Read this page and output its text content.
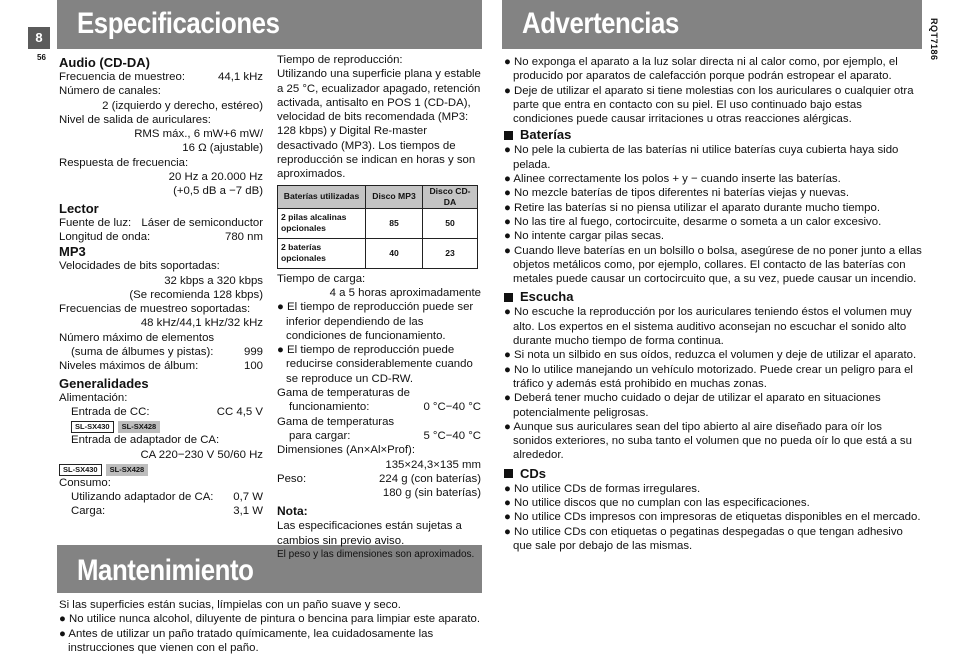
8
56	RQT7186
Especificaciones	Advertencias
Mantenimiento
Audio (CD-DA)
Frecuencia de muestreo:	44,1 kHz
Número de canales:
2 (izquierdo y derecho, estéreo)
Nivel de salida de auriculares:
RMS máx., 6 mW+6 mW/
16 Ω (ajustable)
Respuesta de frecuencia:
20 Hz a 20.000 Hz
(+0,5 dB a −7 dB)
Lector
Fuente de luz: Láser de semiconductor
Longitud de onda:	780 nm
MP3
Velocidades de bits soportadas:
32 kbps a 320 kbps
(Se recomienda 128 kbps)
Frecuencias de muestreo soportadas:
48 kHz/44,1 kHz/32 kHz
Número máximo de elementos
(suma de álbumes y pistas):	999
Niveles máximos de álbum:	100
Generalidades
Alimentación:
Entrada de CC:	CC 4,5 V
SL-SX430 SL-SX428
Entrada de adaptador de CA:
CA 220−230 V 50/60 Hz
SL-SX430 SL-SX428
Consumo:
Utilizando adaptador de CA: 0,7 W
Carga:	3,1 W
Tiempo de reproducción:
Utilizando una superficie plana y estable
a 25 °C, ecualizador apagado, retención
activada, antisalto en POS 1 (CD-DA),
velocidad de bits recomendada (MP3:
128 kbps) y Digital Re-master
desactivado (MP3). Los tiempos de
reproducción se indican en horas y son
aproximados.
Baterías utilizadas	Disco MP3	Disco CD-DA
2 pilas alcalinas opcionales	85	50
2 baterías opcionales	40	23
Tiempo de carga:
4 a 5 horas aproximadamente
● El tiempo de reproducción puede ser inferior dependiendo de las condiciones de funcionamiento.
● El tiempo de reproducción puede reducirse considerablemente cuando se reproduce un CD-RW.
Gama de temperaturas de
funcionamiento:	0 °C−40 °C
Gama de temperaturas
para cargar:	5 °C−40 °C
Dimensiones (An×Al×Prof):
135×24,3×135 mm
Peso:	224 g (con baterías)
180 g (sin baterías)
Nota:
Las especificaciones están sujetas a cambios sin previo aviso.
El peso y las dimensiones son aproximados.
Si las superficies están sucias, límpielas con un paño suave y seco.
● No utilice nunca alcohol, diluyente de pintura o bencina para limpiar este aparato.
● Antes de utilizar un paño tratado químicamente, lea cuidadosamente las instrucciones que vienen con el paño.
● No exponga el aparato a la luz solar directa ni al calor como, por ejemplo, el producido por aparatos de calefacción porque podrán estropear el aparato.
● Deje de utilizar el aparato si tiene molestias con los auriculares o cualquier otra parte que entra en contacto con su piel. El uso continuado bajo estas condiciones puede causar irritaciones u otras reacciones alérgicas.
Baterías
● No pele la cubierta de las baterías ni utilice baterías cuya cubierta haya sido pelada.
● Alinee correctamente los polos + y − cuando inserte las baterías.
● No mezcle baterías de tipos diferentes ni baterías viejas y nuevas.
● Retire las baterías si no piensa utilizar el aparato durante mucho tiempo.
● No las tire al fuego, cortocircuite, desarme o someta a un calor excesivo.
● No intente cargar pilas secas.
● Cuando lleve baterías en un bolsillo o bolsa, asegúrese de no poner junto a ellas objetos metálicos como, por ejemplo, collares. El contacto de las baterías con metales puede causar un cortocircuito que, a su vez, puede causar un incendio.
Escucha
● No escuche la reproducción por los auriculares teniendo éstos el volumen muy alto. Los expertos en el sistema auditivo aconsejan no escuchar el sonido alto durante mucho tiempo de forma continua.
● Si nota un silbido en sus oídos, reduzca el volumen y deje de utilizar el aparato.
● No lo utilice manejando un vehículo motorizado. Puede crear un peligro para el tráfico y además está prohibido en muchas zonas.
● Deberá tener mucho cuidado o dejar de utilizar el aparato en situaciones potencialmente peligrosas.
● Aunque sus auriculares sean del tipo abierto al aire diseñado para oír los sonidos exteriores, no suba tanto el volumen que no pueda oír lo que está a su alrededor.
CDs
● No utilice CDs de formas irregulares.
● No utilice discos que no cumplan con las especificaciones.
● No utilice CDs impresos con impresoras de etiquetas disponibles en el mercado.
● No utilice CDs con etiquetas o pegatinas despegadas o que tengan adhesivo que sale por debajo de las mismas.
